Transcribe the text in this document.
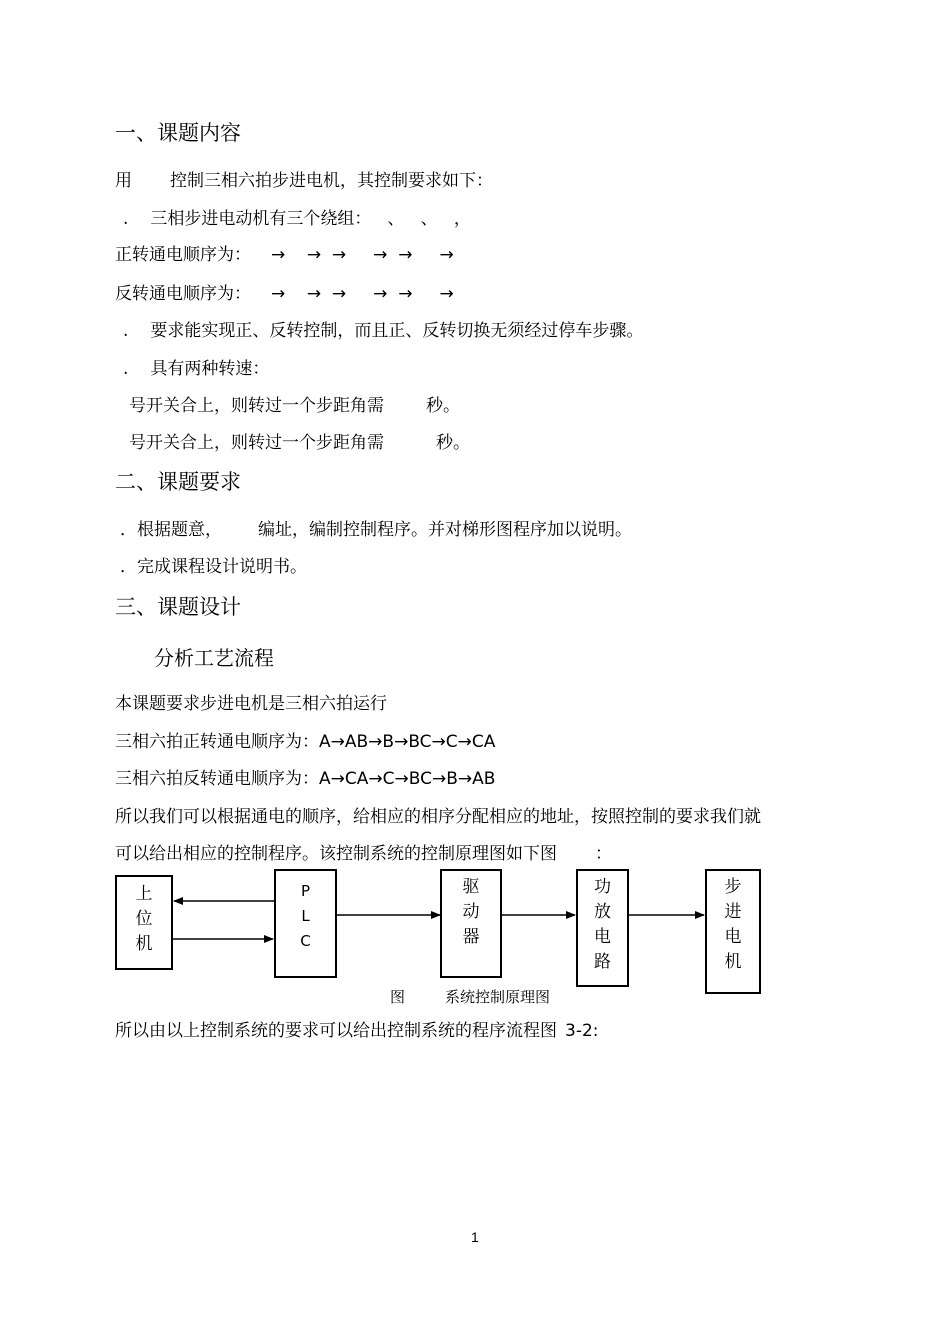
一、课题内容
用 控制三相六拍步进电机，其控制要求如下：
. 三相步进电动机有三个绕组： 、   、   ，
正转通电顺序为： →    →  →     →  →     →
反转通电顺序为： →    →  →     →  →     →
. 要求能实现正、反转控制，而且正、反转切换无须经过停车步骤。
. 具有两种转速：
号开关合上，则转过一个步距角需 秒。
号开关合上，则转过一个步距角需	秒。
二、课题要求
．根据题意， 编址，编制控制程序。并对梯形图程序加以说明。
．完成课程设计说明书。
三、课题设计
分析工艺流程
本课题要求步进电机是三相六拍运行
三相六拍正转通电顺序为：A→AB→B→BC→C→CA
三相六拍反转通电顺序为：A→CA→C→BC→B→AB
所以我们可以根据通电的顺序，给相应的相序分配相应的地址，按照控制的要求我们就
可以给出相应的控制程序。该控制系统的控制原理图如下图 ：
上
位
机
P
L
C
驱
动
器
功
放
电
路
步
进
电
机
图	系统控制原理图
所以由以上控制系统的要求可以给出控制系统的程序流程图 3-2:
1
